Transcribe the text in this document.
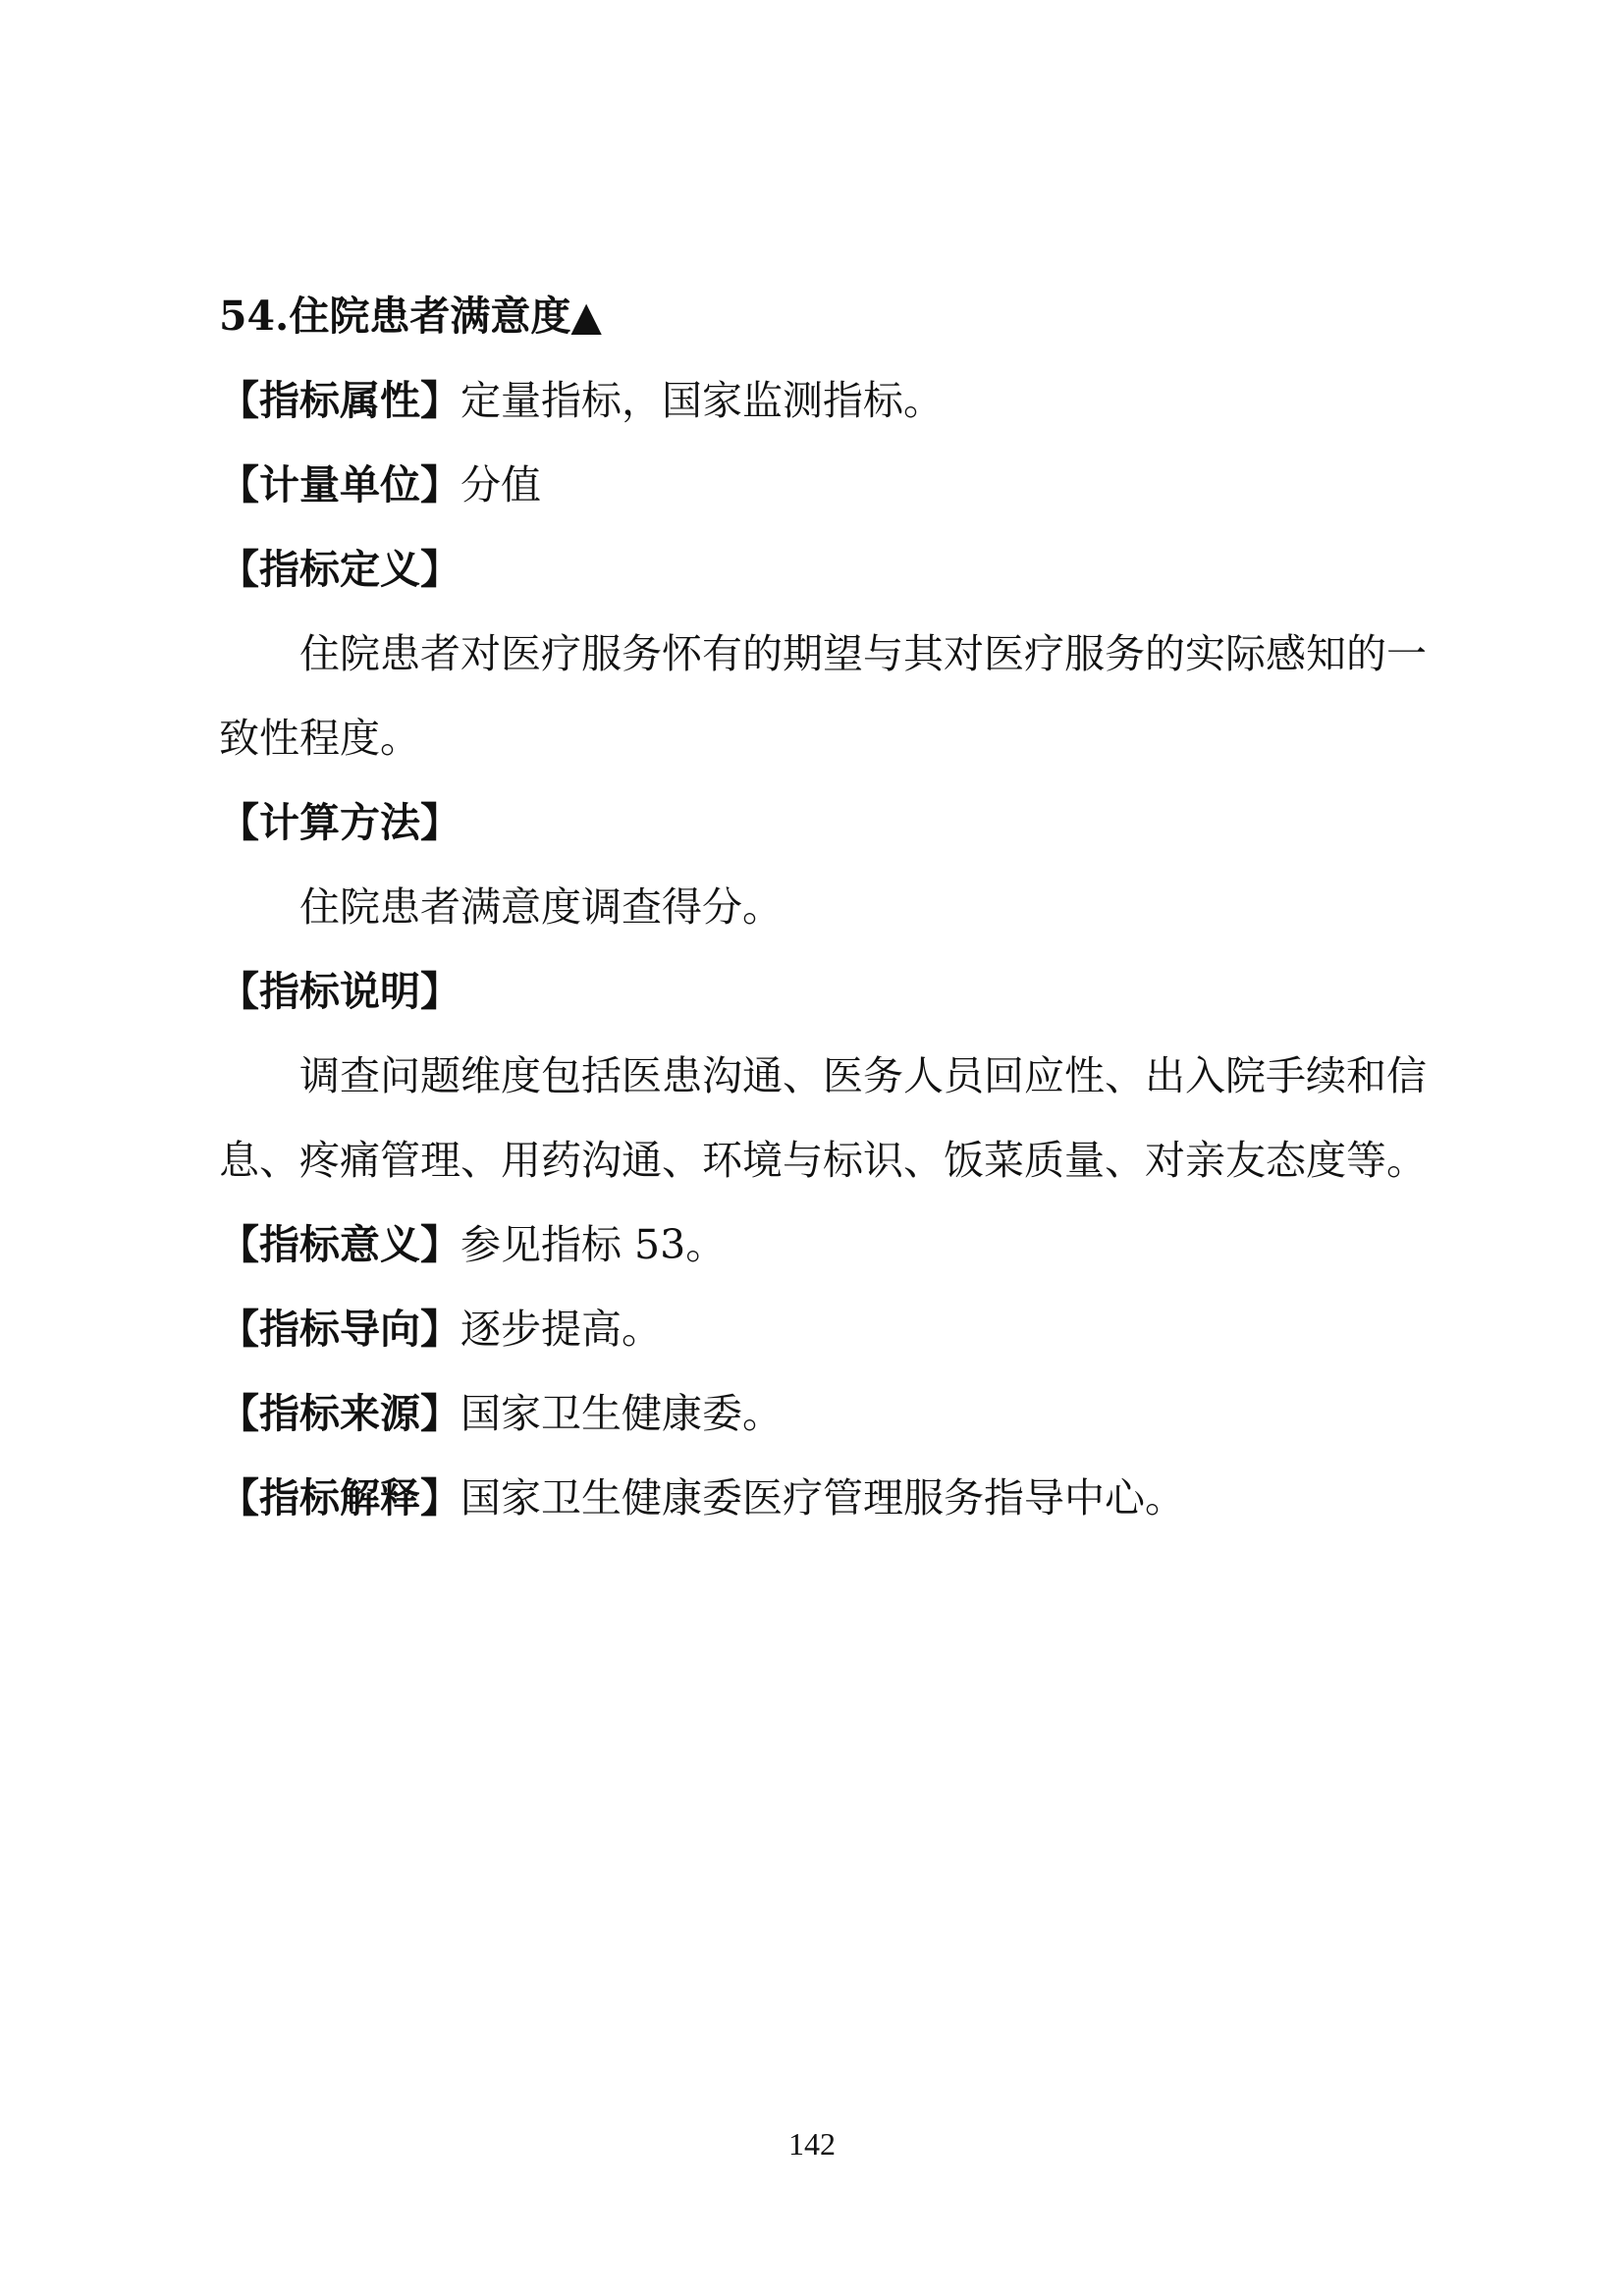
54.住院患者满意度▲
【指标属性】定量指标，国家监测指标。
【计量单位】分值
【指标定义】
住院患者对医疗服务怀有的期望与其对医疗服务的实际感知的一致性程度。
【计算方法】
住院患者满意度调查得分。
【指标说明】
调查问题维度包括医患沟通、医务人员回应性、出入院手续和信息、疼痛管理、用药沟通、环境与标识、饭菜质量、对亲友态度等。
【指标意义】参见指标 53。
【指标导向】逐步提高。
【指标来源】国家卫生健康委。
【指标解释】国家卫生健康委医疗管理服务指导中心。
142
